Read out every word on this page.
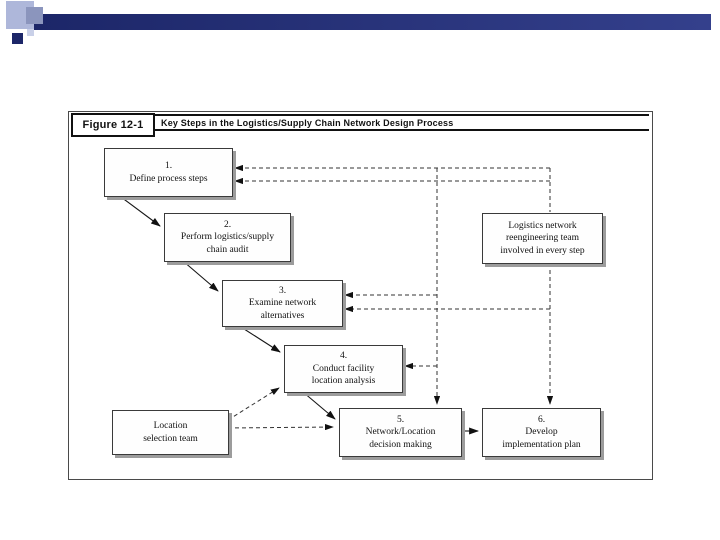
Figure 12-1	Key Steps in the Logistics/Supply Chain Network Design Process
1.
Define process steps
2.
Perform logistics/supply
chain audit
3.
Examine network
alternatives
4.
Conduct facility
location analysis
5.
Network/Location
decision making
6.
Develop
implementation plan
Logistics network
reengineering team
involved in every step
Location
selection team
